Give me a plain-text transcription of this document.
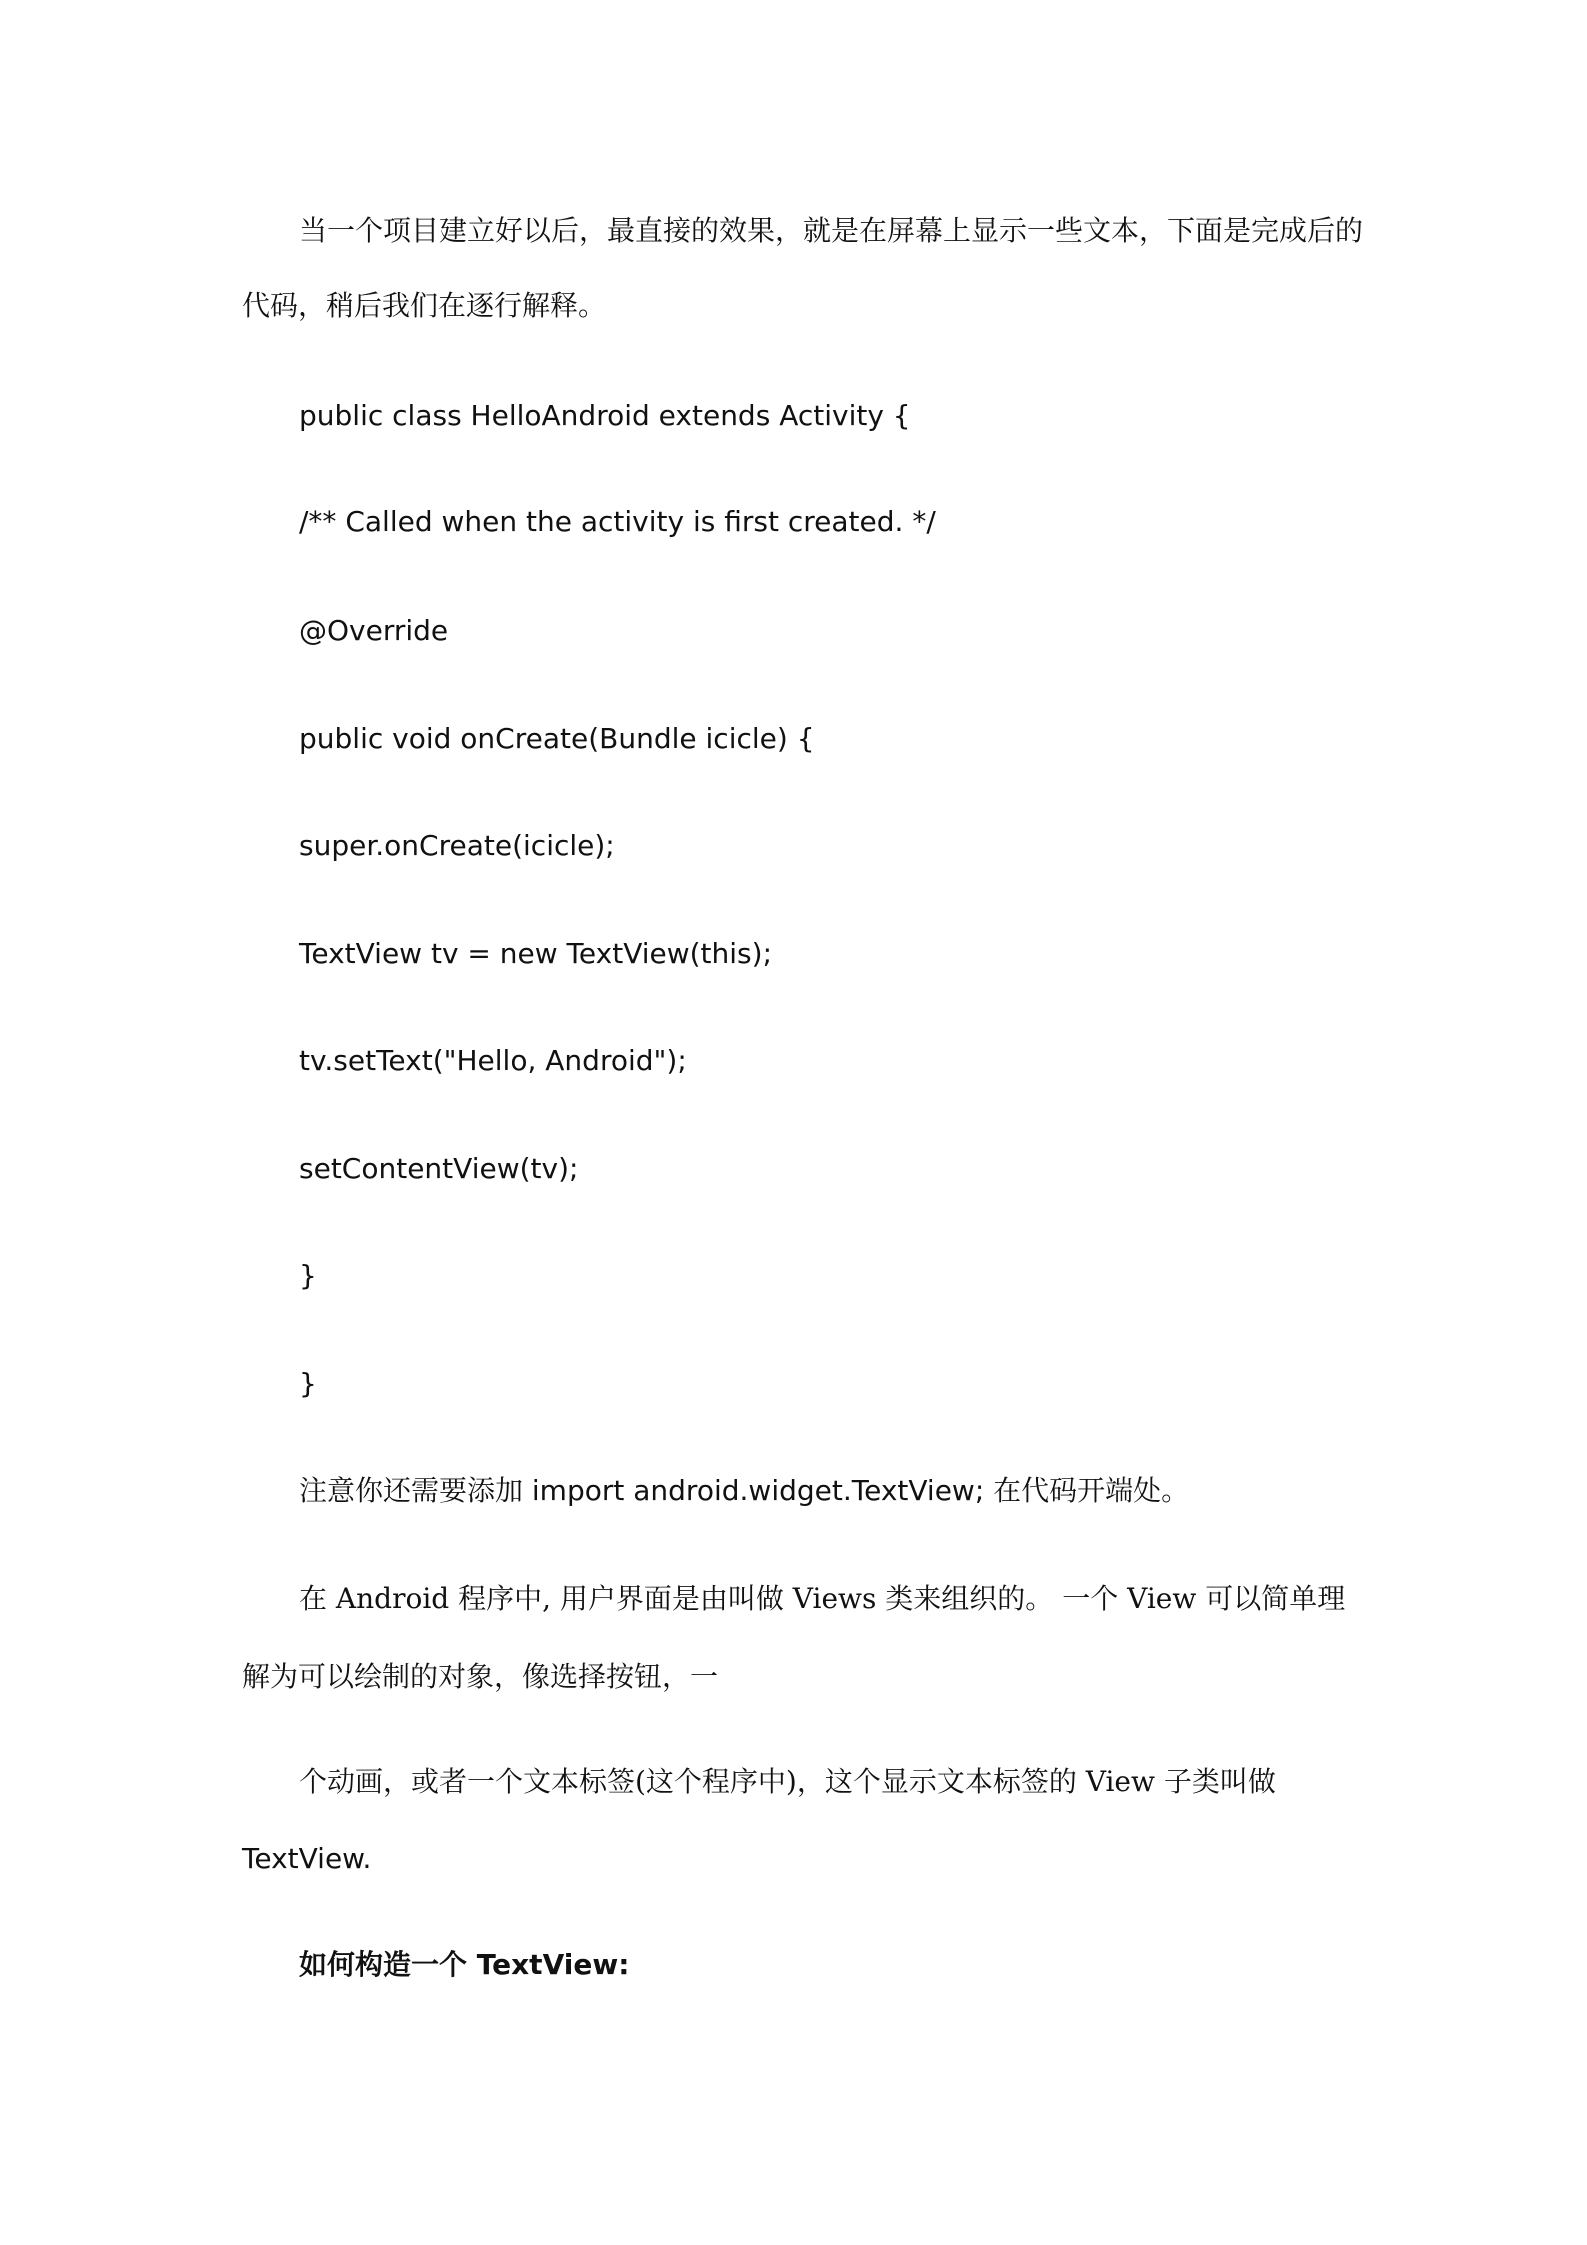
当一个项目建立好以后，最直接的效果，就是在屏幕上显示一些文本，下面是完成后的
代码，稍后我们在逐行解释。
public class HelloAndroid extends Activity {
/** Called when the activity is first created. */
@Override
public void onCreate(Bundle icicle) {
super.onCreate(icicle);
TextView tv = new TextView(this);
tv.setText("Hello, Android");
setContentView(tv);
}
}
注意你还需要添加 import android.widget.TextView; 在代码开端处。
在 Android 程序中, 用户界面是由叫做 Views 类来组织的。 一个 View 可以简单理
解为可以绘制的对象，像选择按钮，一
个动画，或者一个文本标签(这个程序中)，这个显示文本标签的 View 子类叫做
TextView.
如何构造一个 TextView:
